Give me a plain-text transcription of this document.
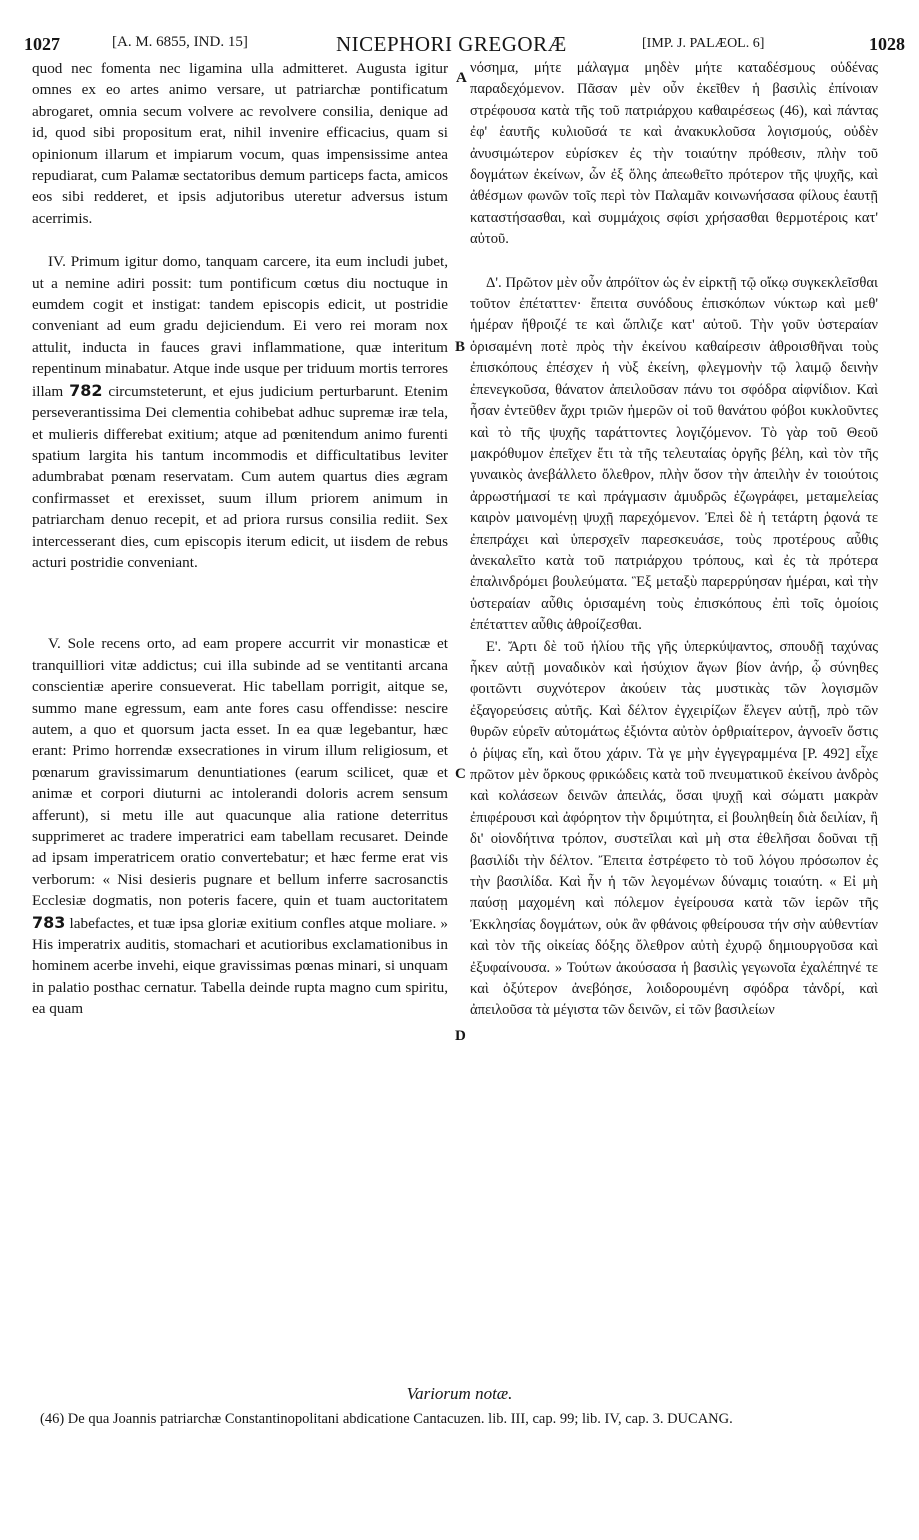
1027	[A. M. 6855, IND. 15]	NICEPHORI GREGORÆ	[IMP. J. PALÆOL. 6]	1028

quod nec fomenta nec ligamina ulla admitteret. Augusta igitur omnes ex eo artes animo versare, ut patriarchæ pontificatum abrogaret, omnia secum volvere ac revolvere consilia, denique ad id, quod sibi propositum erat, nihil invenire efficacius, quam si opinionum illarum et impiarum vocum, quas impensissime antea repudiarat, cum Palamæ sectatoribus demum particeps facta, amicos eos sibi redderet, et ipsis adjutoribus uteretur adversus istum acerrimis.

IV. Primum igitur domo, tanquam carcere, ita eum includi jubet, ut a nemine adiri possit: tum pontificum cœtus diu noctuque in eumdem cogit et instigat: tandem episcopis edicit, ut postridie conveniant ad eum gradu dejiciendum. Ei vero rei moram nox attulit, inducta in fauces gravi inflammatione, quæ interitum repentinum minabatur. Atque inde usque per triduum mortis terrores illam 782 circumsteterunt, et ejus judicium perturbarunt. Etenim perseverantissima Dei clementia cohibebat adhuc supremæ iræ tela, et mulieris differebat exitium; atque ad pœnitendum animo furenti spatium largita his tantum incommodis et difficultatibus leviter adumbrabat pœnam reservatam. Cum autem quartus dies ægram confirmasset et erexisset, suum illum priorem animum in patriarcham denuo recepit, et ad priora rursus consilia rediit. Sex intercesserant dies, cum episcopis iterum edicit, ut iisdem de rebus acturi postridie conveniant.

V. Sole recens orto, ad eam propere accurrit vir monasticæ et tranquilliori vitæ addictus; cui illa subinde ad se ventitanti arcana conscientiæ aperire consueverat. Hic tabellam porrigit, aitque se, summo mane egressum, eam ante fores casu offendisse: nescire autem, a quo et quorsum jacta esset. In ea quæ legebantur, hæc erant: Primo horrendæ exsecrationes in virum illum religiosum, et pœnarum gravissimarum denuntiationes (earum scilicet, quæ et animæ et corpori diuturni ac intolerandi doloris acrem sensum afferunt), si metu ille aut quacunque alia ratione deterritus supprimeret ac tradere imperatrici eam tabellam recusaret. Deinde ad ipsam imperatricem oratio convertebatur; et hæc ferme erat vis verborum: « Nisi desieris pugnare et bellum inferre sacrosanctis Ecclesiæ dogmatis, non poteris facere, quin et tuam auctoritatem 783 labefactes, et tuæ ipsa gloriæ exitium confles atque moliare. » His imperatrix auditis, stomachari et acutioribus exclamationibus in hominem acerbe invehi, eique gravissimas pœnas minari, si unquam in palatio posthac cernatur. Tabella deinde rupta magno cum spiritu, ea quam

A
B
C
D

νόσημα, μήτε μάλαγμα μηδὲν μήτε καταδέσμους οὐδένας παραδεχόμενον. Πᾶσαν μὲν οὖν ἐκεῖθεν ἡ βασιλὶς ἐπίνοιαν στρέφουσα κατὰ τῆς τοῦ πατριάρχου καθαιρέσεως (46), καὶ πάντας ἐφ' ἑαυτῆς κυλιοῦσά τε καὶ ἀνακυκλοῦσα λογισμούς, οὐδὲν ἀνυσιμώτερον εὑρίσκεν ἐς τὴν τοιαύτην πρόθεσιν, πλὴν τοῦ δογμάτων ἐκείνων, ὧν ἐξ ὅλης ἀπεωθεῖτο πρότερον τῆς ψυχῆς, καὶ ἀθέσμων φωνῶν τοῖς περὶ τὸν Παλαμᾶν κοινωνήσασα φίλους ἑαυτῇ καταστήσασθαι, καὶ συμμάχοις σφίσι χρήσασθαι θερμοτέροις κατ' αὐτοῦ.

Δ'. Πρῶτον μὲν οὖν ἀπρόϊτον ὡς ἐν εἱρκτῇ τῷ οἴκῳ συγκεκλεῖσθαι τοῦτον ἐπέταττεν· ἔπειτα συνόδους ἐπισκόπων νύκτωρ καὶ μεθ' ἡμέραν ἤθροιζέ τε καὶ ὥπλιζε κατ' αὐτοῦ. Τὴν γοῦν ὑστεραίαν ὁρισαμένη ποτὲ πρὸς τὴν ἐκείνου καθαίρεσιν ἀθροισθῆναι τοὺς ἐπισκόπους ἐπέσχεν ἡ νὺξ ἐκείνη, φλεγμονὴν τῷ λαιμῷ δεινὴν ἐπενεγκοῦσα, θάνατον ἀπειλοῦσαν πάνυ τοι σφόδρα αἰφνίδιον. Καὶ ἦσαν ἐντεῦθεν ἄχρι τριῶν ἡμερῶν οἱ τοῦ θανάτου φόβοι κυκλοῦντες καὶ τὸ τῆς ψυχῆς ταράττοντες λογιζόμενον. Τὸ γὰρ τοῦ Θεοῦ μακρόθυμον ἐπεῖχεν ἔτι τὰ τῆς τελευταίας ὀργῆς βέλη, καὶ τὸν τῆς γυναικὸς ἀνεβάλλετο ὄλεθρον, πλὴν ὅσον τὴν ἀπειλὴν ἐν τοιούτοις ἀρρωστήμασί τε καὶ πράγμασιν ἀμυδρῶς ἐζωγράφει, μεταμελείας καιρὸν μαινομένῃ ψυχῇ παρεχόμενον. Ἐπεὶ δὲ ἡ τετάρτη ῥᾳονά τε ἐπεπράχει καὶ ὑπερσχεῖν παρεσκευάσε, τοὺς προτέρους αὖθις ἀνεκαλεῖτο κατὰ τοῦ πατριάρχου τρόπους, καὶ ἐς τὰ πρότερα ἐπαλινδρόμει βουλεύματα. Ἓξ μεταξὺ παρερρύησαν ἡμέραι, καὶ τὴν ὑστεραίαν αὖθις ὁρισαμένη τοὺς ἐπισκόπους ἐπὶ τοῖς ὁμοίοις ἐπέταττεν αὖθις ἀθροίζεσθαι.

Ε'. Ἄρτι δὲ τοῦ ἡλίου τῆς γῆς ὑπερκύψαντος, σπουδῇ ταχύνας ἧκεν αὐτῇ μοναδικὸν καὶ ἡσύχιον ἄγων βίον ἀνήρ, ᾧ σύνηθες φοιτῶντι συχνότερον ἀκούειν τὰς μυστικὰς τῶν λογισμῶν ἐξαγορεύσεις αὐτῆς. Καὶ δέλτον ἐγχειρίζων ἔλεγεν αὐτῇ, πρὸ τῶν θυρῶν εὑρεῖν αὐτομάτως ἐξιόντα αὐτὸν ὀρθριαίτερον, ἀγνοεῖν ὅστις ὁ ῥίψας εἴη, καὶ ὅτου χάριν. Τὰ γε μὴν ἐγγεγραμμένα [P. 492] εἶχε πρῶτον μὲν ὅρκους φρικώδεις κατὰ τοῦ πνευματικοῦ ἐκείνου ἀνδρὸς καὶ κολάσεων δεινῶν ἀπειλάς, ὅσαι ψυχῇ καὶ σώματι μακρὰν ἐπιφέρουσι καὶ ἀφόρητον τὴν δριμύτητα, εἰ βουληθείη διὰ δειλίαν, ἢ δι' οἱονδήτινα τρόπον, συστεῖλαι καὶ μὴ στα ἐθελῆσαι δοῦναι τῇ βασιλίδι τὴν δέλτον. Ἔπειτα ἐστρέφετο τὸ τοῦ λόγου πρόσωπον ἐς τὴν βασιλίδα. Καὶ ἦν ἡ τῶν λεγομένων δύναμις τοιαύτη. « Εἰ μὴ παύσῃ μαχομένη καὶ πόλεμον ἐγείρουσα κατὰ τῶν ἱερῶν τῆς Ἐκκλησίας δογμάτων, οὐκ ἂν φθάνοις φθείρουσα τήν σὴν αὐθεντίαν καὶ τὸν τῆς οἰκείας δόξης ὄλεθρον αὐτὴ ἐχυρῷ δημιουργοῦσα καὶ ἐξυφαίνουσα. » Τούτων ἀκούσασα ἡ βασιλὶς γεγωνοῖα ἐχαλέπηνέ τε καὶ ὀξύτερον ἀνεβόησε, λοιδορουμένη σφόδρα τἀνδρί, καὶ ἀπειλοῦσα τὰ μέγιστα τῶν δεινῶν, εἰ τῶν βασιλείων

Variorum notæ.
(46) De qua Joannis patriarchæ Constantinopolitani abdicatione Cantacuzen. lib. III, cap. 99; lib. IV, cap. 3. DUCANG.
